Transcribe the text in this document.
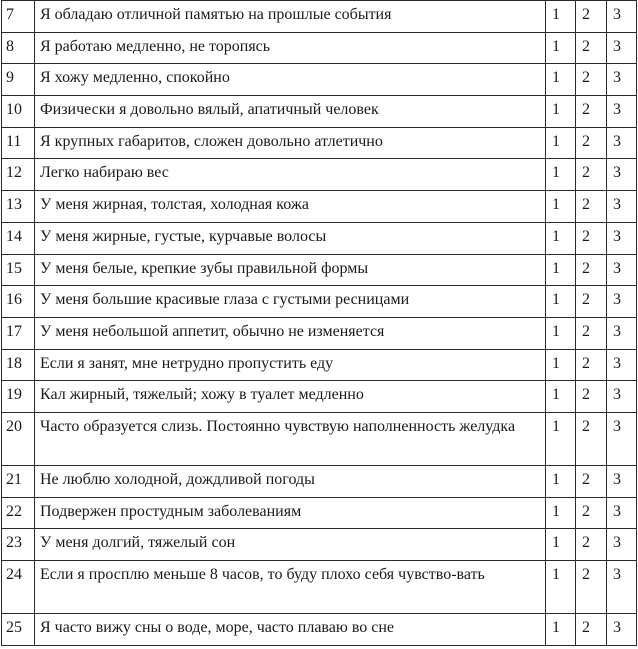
7	Я обладаю отличной памятью на прошлые события	1	2	3
8	Я работаю медленно, не торопясь	1	2	3
9	Я хожу медленно, спокойно	1	2	3
10	Физически я довольно вялый, апатичный человек	1	2	3
11	Я крупных габаритов, сложен довольно атлетично	1	2	3
12	Легко набираю вес	1	2	3
13	У меня жирная, толстая, холодная кожа	1	2	3
14	У меня жирные, густые, курчавые волосы	1	2	3
15	У меня белые, крепкие зубы правильной формы	1	2	3
16	У меня большие красивые глаза с густыми ресницами	1	2	3
17	У меня небольшой аппетит, обычно не изменяется	1	2	3
18	Если я занят, мне нетрудно пропустить еду	1	2	3
19	Кал жирный, тяжелый; хожу в туалет медленно	1	2	3
20	Часто образуется слизь. Постоянно чувствую наполненность желудка	1	2	3
21	Не люблю холодной, дождливой погоды	1	2	3
22	Подвержен простудным заболеваниям	1	2	3
23	У меня долгий, тяжелый сон	1	2	3
24	Если я просплю меньше 8 часов, то буду плохо себя чувство-вать	1	2	3
25	Я часто вижу сны о воде, море, часто плаваю во сне	1	2	3
